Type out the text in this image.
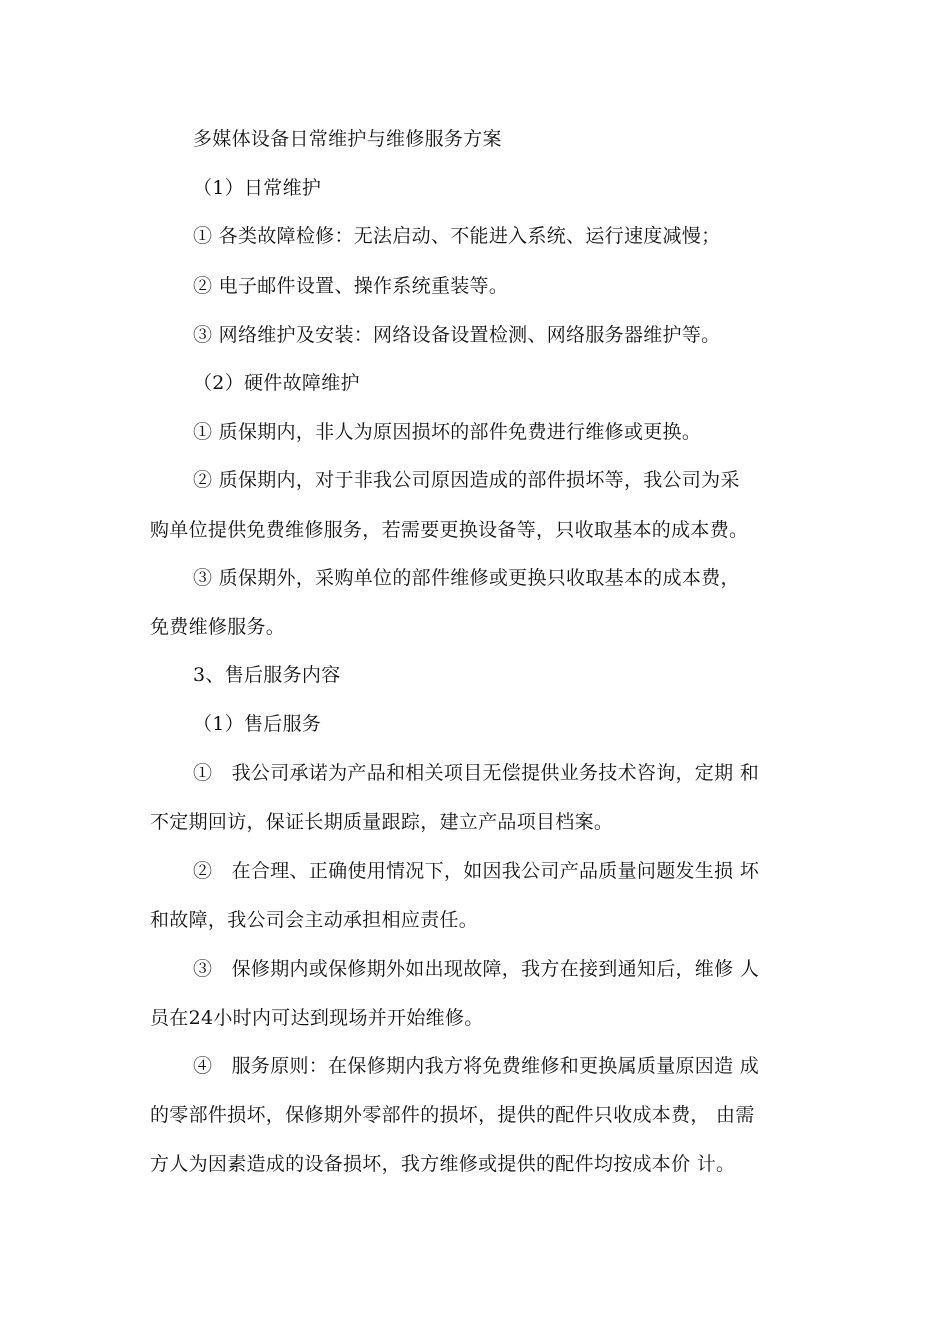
多媒体设备日常维护与维修服务方案
（1）日常维护
① 各类故障检修：无法启动、不能进入系统、运行速度减慢；
② 电子邮件设置、操作系统重装等。
③ 网络维护及安装：网络设备设置检测、网络服务器维护等。
（2）硬件故障维护
① 质保期内，非人为原因损坏的部件免费进行维修或更换。
② 质保期内，对于非我公司原因造成的部件损坏等，我公司为采
购单位提供免费维修服务，若需要更换设备等，只收取基本的成本费。
③ 质保期外，采购单位的部件维修或更换只收取基本的成本费，
免费维修服务。
3、售后服务内容
（1）售后服务
①　我公司承诺为产品和相关项目无偿提供业务技术咨询，定期 和
不定期回访，保证长期质量跟踪，建立产品项目档案。
②　在合理、正确使用情况下，如因我公司产品质量问题发生损 坏
和故障，我公司会主动承担相应责任。
③　保修期内或保修期外如出现故障，我方在接到通知后，维修 人
员在24小时内可达到现场并开始维修。
④　服务原则：在保修期内我方将免费维修和更换属质量原因造 成
的零部件损坏，保修期外零部件的损坏，提供的配件只收成本费， 由需
方人为因素造成的设备损坏，我方维修或提供的配件均按成本价 计。
